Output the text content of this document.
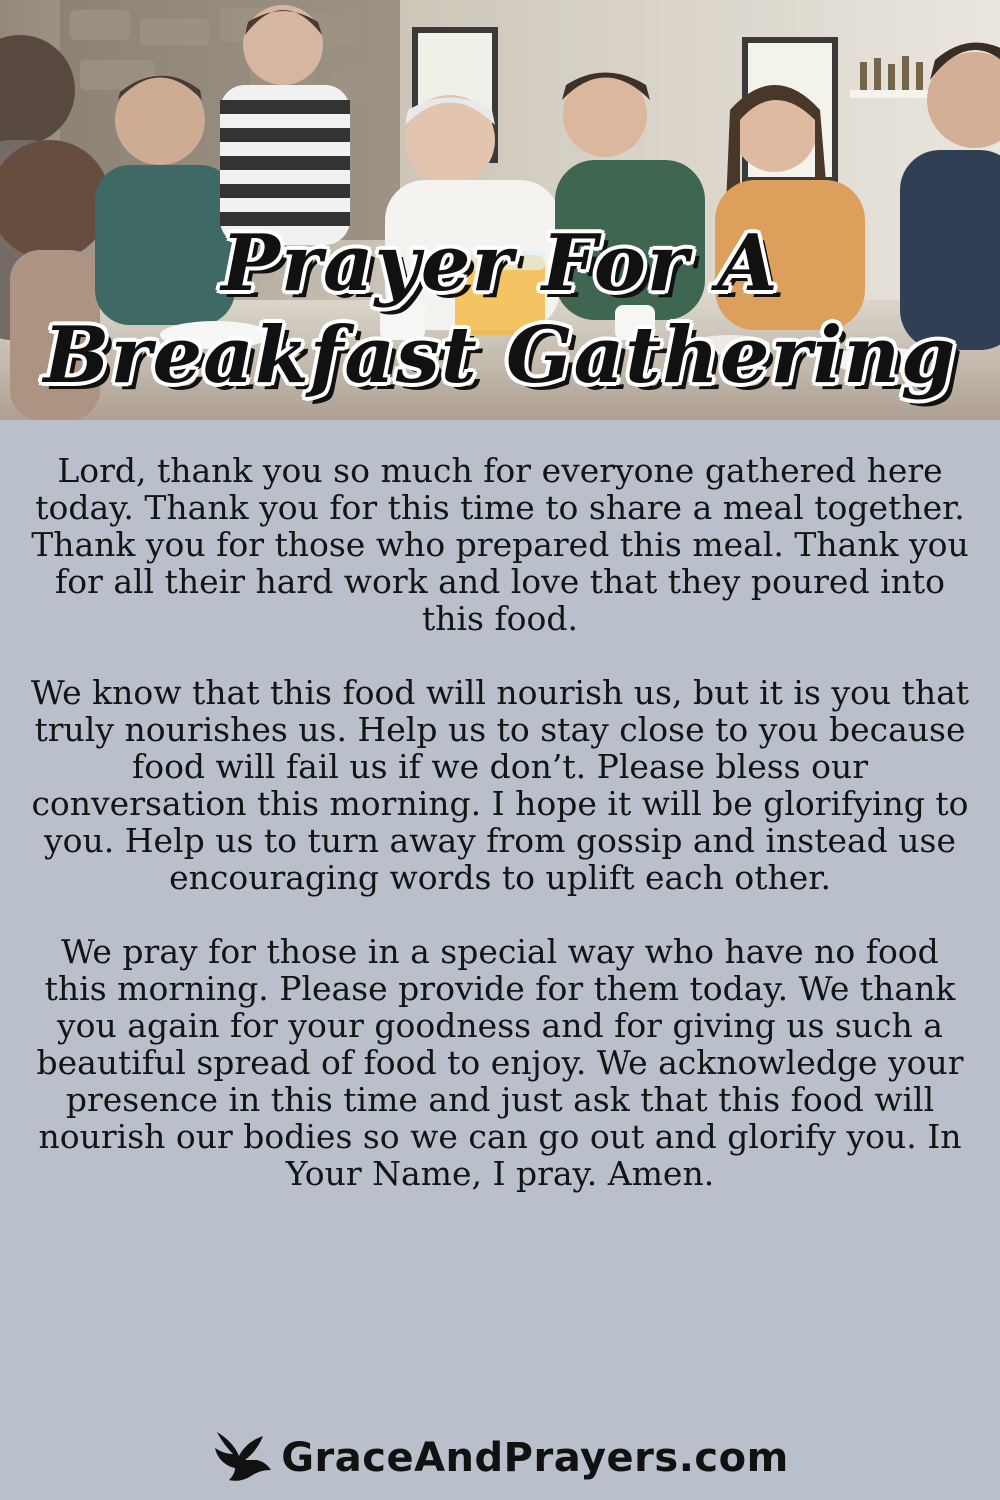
Prayer For A
Breakfast Gathering

Lord, thank you so much for everyone gathered here today. Thank you for this time to share a meal together. Thank you for those who prepared this meal. Thank you for all their hard work and love that they poured into this food.

We know that this food will nourish us, but it is you that truly nourishes us. Help us to stay close to you because food will fail us if we don’t. Please bless our conversation this morning. I hope it will be glorifying to you. Help us to turn away from gossip and instead use encouraging words to uplift each other.

We pray for those in a special way who have no food this morning. Please provide for them today. We thank you again for your goodness and for giving us such a beautiful spread of food to enjoy. We acknowledge your presence in this time and just ask that this food will nourish our bodies so we can go out and glorify you. In Your Name, I pray. Amen.

GraceAndPrayers.com
